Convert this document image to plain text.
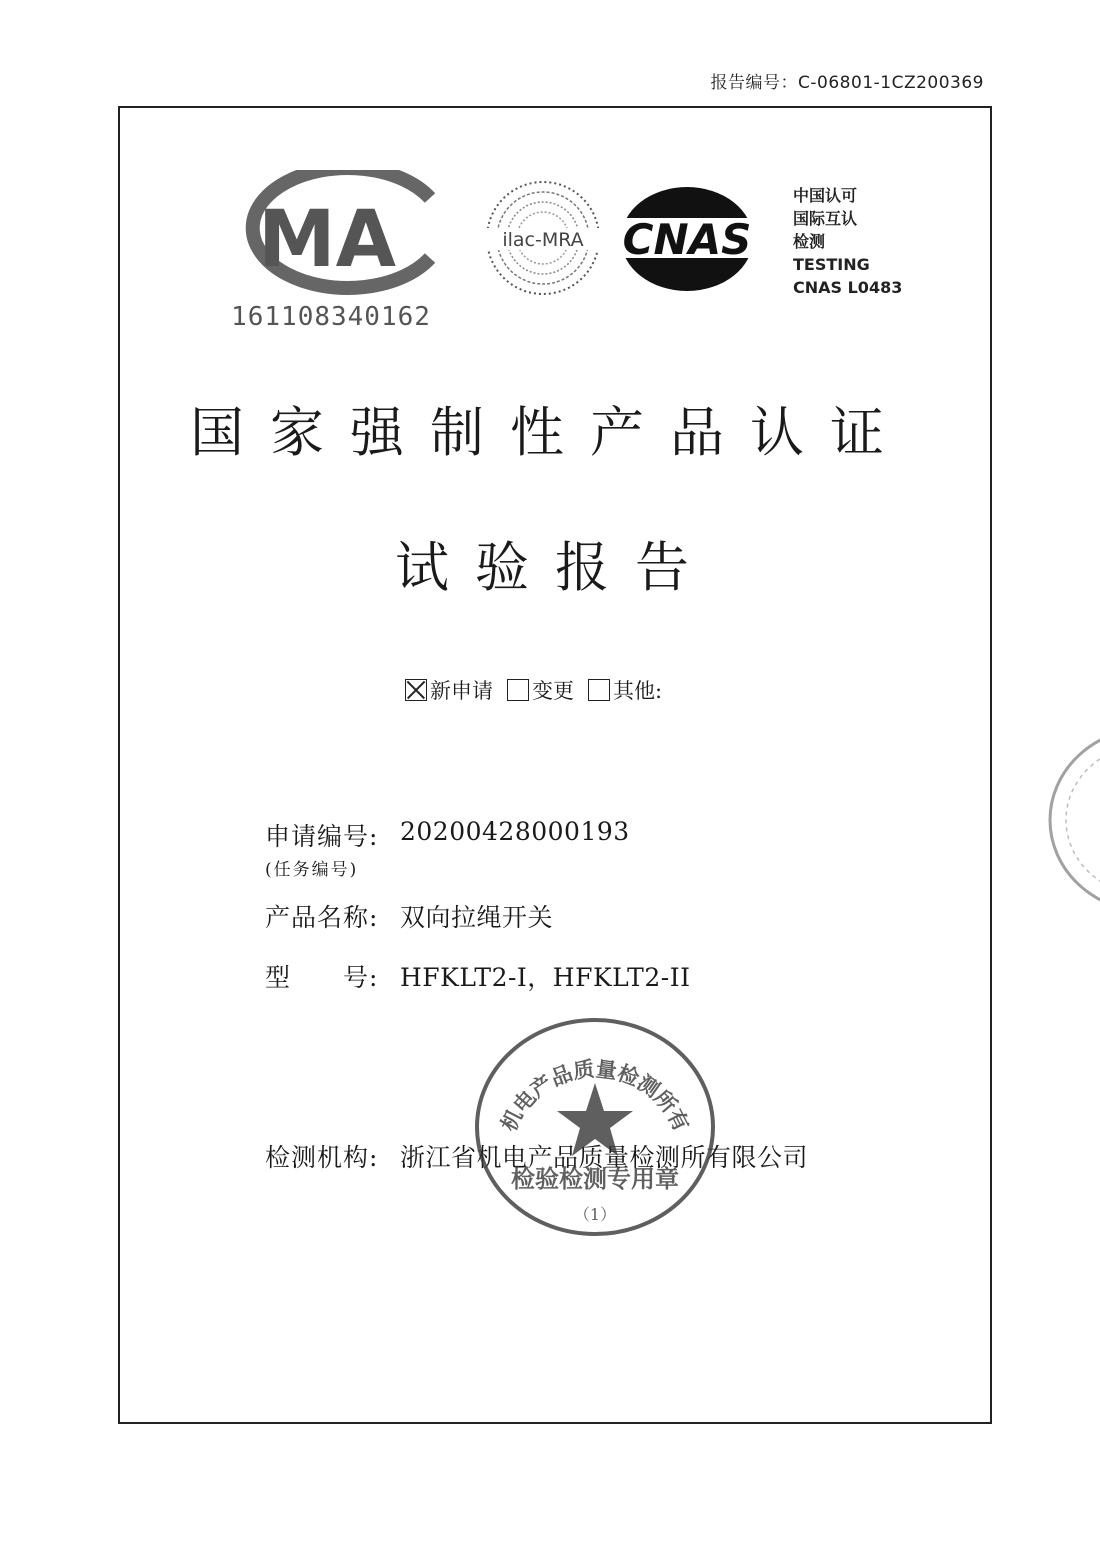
报告编号：C-06801-1CZ200369
MA
161108340162
ilac-MRA CNAS
中国认可
国际互认
检测
TESTING
CNAS L0483
国家强制性产品认证
试验报告
新申请 变更 其他:
申请编号: 20200428000193
(任务编号)
产品名称: 双向拉绳开关
型　　号: HFKLT2-I，HFKLT2-II
检测机构: 浙江省机电产品质量检测所有限公司
机电产品质量检测所有
检验检测专用章
（1）
